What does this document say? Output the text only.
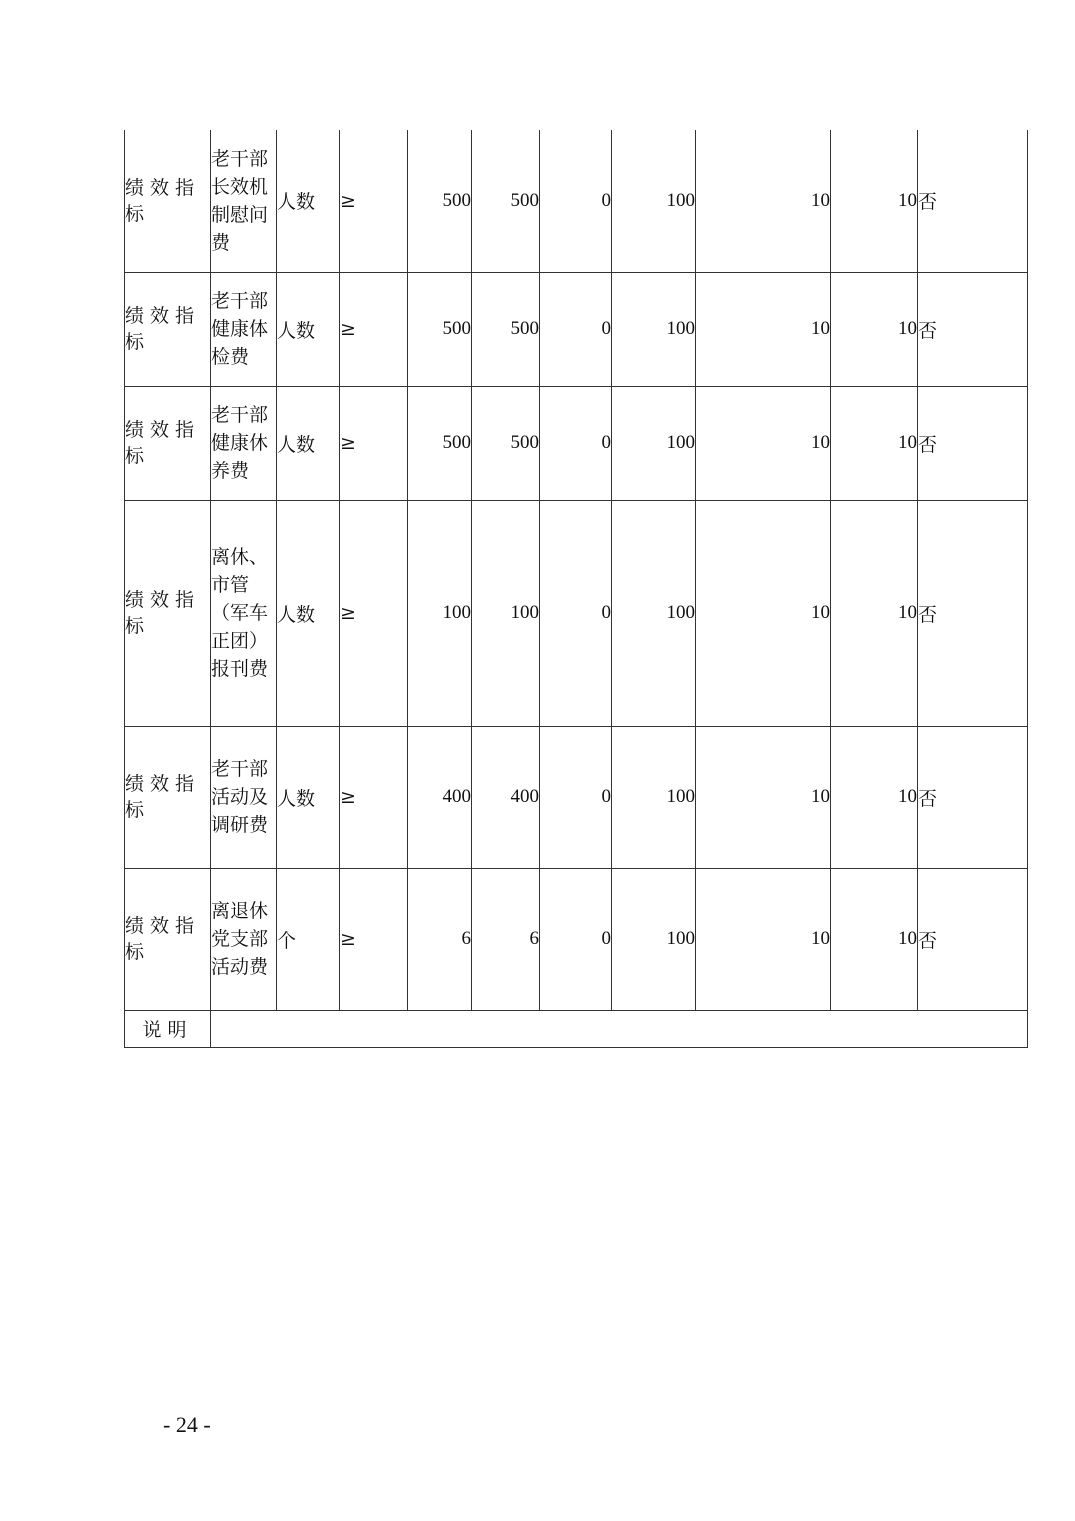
绩效指标	老干部长效机制慰问费	人数	≥	500	500	0	100	10	10	否
绩效指标	老干部健康体检费	人数	≥	500	500	0	100	10	10	否
绩效指标	老干部健康休养费	人数	≥	500	500	0	100	10	10	否
绩效指标	离休、市管（军车正团）报刊费	人数	≥	100	100	0	100	10	10	否
绩效指标	老干部活动及调研费	人数	≥	400	400	0	100	10	10	否
绩效指标	离退休党支部活动费	个	≥	6	6	0	100	10	10	否
说明										
- 24 -
